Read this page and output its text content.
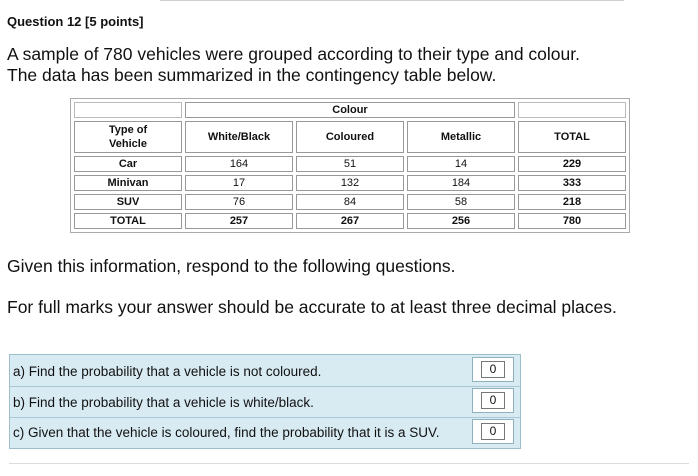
Question 12 [5 points]
A sample of 780 vehicles were grouped according to their type and colour.
The data has been summarized in the contingency table below.
	Colour			

Type of
Vehicle	White/Black	Coloured	Metallic	TOTAL
Car	164	51	14	229
Minivan	17	132	184	333
SUV	76	84	58	218
TOTAL	257	267	256	780
Given this information, respond to the following questions.
For full marks your answer should be accurate to at least three decimal places.
a) Find the probability that a vehicle is not coloured.
b) Find the probability that a vehicle is white/black.
c) Given that the vehicle is coloured, find the probability that it is a SUV.
0
0
0
